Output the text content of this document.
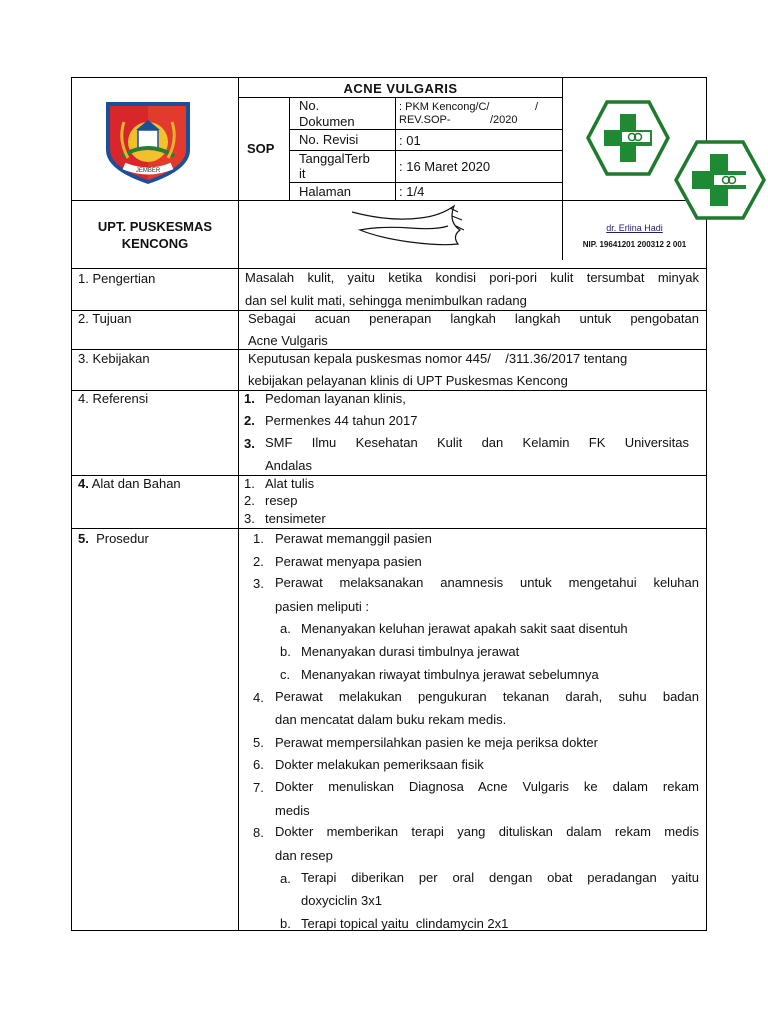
JEMBER
ACNE VULGARIS
SOP
No.
Dokumen
: PKM Kencong/C/	/
REV.SOP-	/2020
No. Revisi	: 01
TanggalTerb
it	: 16 Maret 2020
Halaman	: 1/4
UPT. PUSKESMAS
KENCONG
dr. Erlina Hadi
NIP. 19641201 200312 2 001
1. Pengertian	Masalah kulit, yaitu ketika kondisi pori-pori kulit tersumbat minyak
dan sel kulit mati, sehingga menimbulkan radang
2. Tujuan	Sebagai acuan penerapan langkah langkah untuk pengobatan
Acne Vulgaris
3. Kebijakan	Keputusan kepala puskesmas nomor 445/    /311.36/2017 tentang
kebijakan pelayanan klinis di UPT Puskesmas Kencong
4. Referensi	1. Pedoman layanan klinis,
2. Permenkes 44 tahun 2017
3. SMF Ilmu Kesehatan Kulit dan Kelamin FK Universitas
Andalas
4. Alat dan Bahan	1. Alat tulis
2. resep
3. tensimeter
5. Prosedur	1. Perawat memanggil pasien
2. Perawat menyapa pasien
3. Perawat melaksanakan anamnesis untuk mengetahui keluhan
pasien meliputi :
a. Menanyakan keluhan jerawat apakah sakit saat disentuh
b. Menanyakan durasi timbulnya jerawat
c. Menanyakan riwayat timbulnya jerawat sebelumnya
4. Perawat melakukan pengukuran tekanan darah, suhu badan
dan mencatat dalam buku rekam medis.
5. Perawat mempersilahkan pasien ke meja periksa dokter
6. Dokter melakukan pemeriksaan fisik
7. Dokter menuliskan Diagnosa Acne Vulgaris ke dalam rekam
medis
8. Dokter memberikan terapi yang dituliskan dalam rekam medis
dan resep
a. Terapi diberikan per oral dengan obat peradangan yaitu
doxyciclin 3x1
b. Terapi topical yaitu  clindamycin 2x1
